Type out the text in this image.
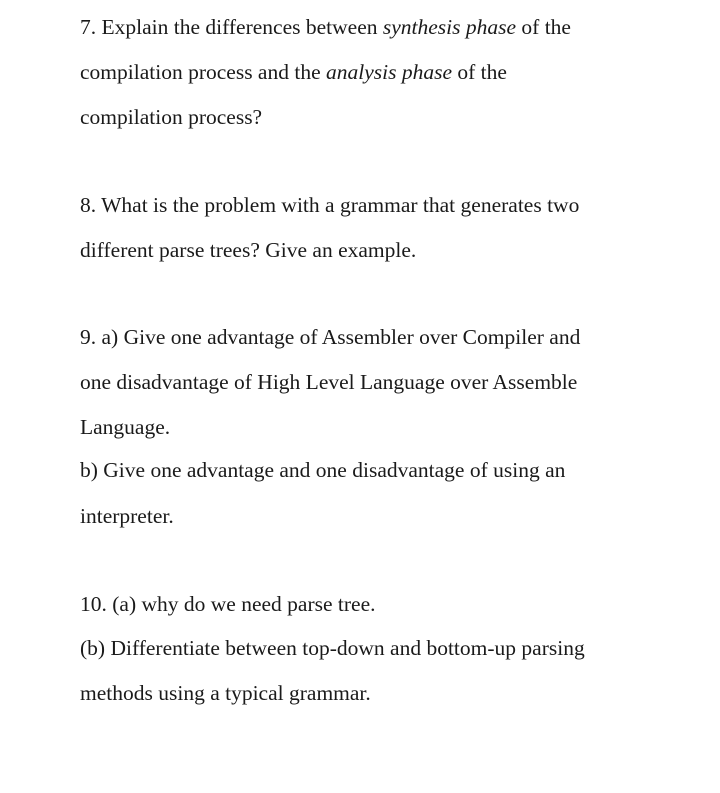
7. Explain the differences between synthesis phase of the
compilation process and the analysis phase of the
compilation process?
8. What is the problem with a grammar that generates two
different parse trees? Give an example.
9. a) Give one advantage of Assembler over Compiler and
one disadvantage of High Level Language over Assemble
Language.
b) Give one advantage and one disadvantage of using an
interpreter.
10. (a) why do we need parse tree.
(b) Differentiate between top-down and bottom-up parsing
methods using a typical grammar.
